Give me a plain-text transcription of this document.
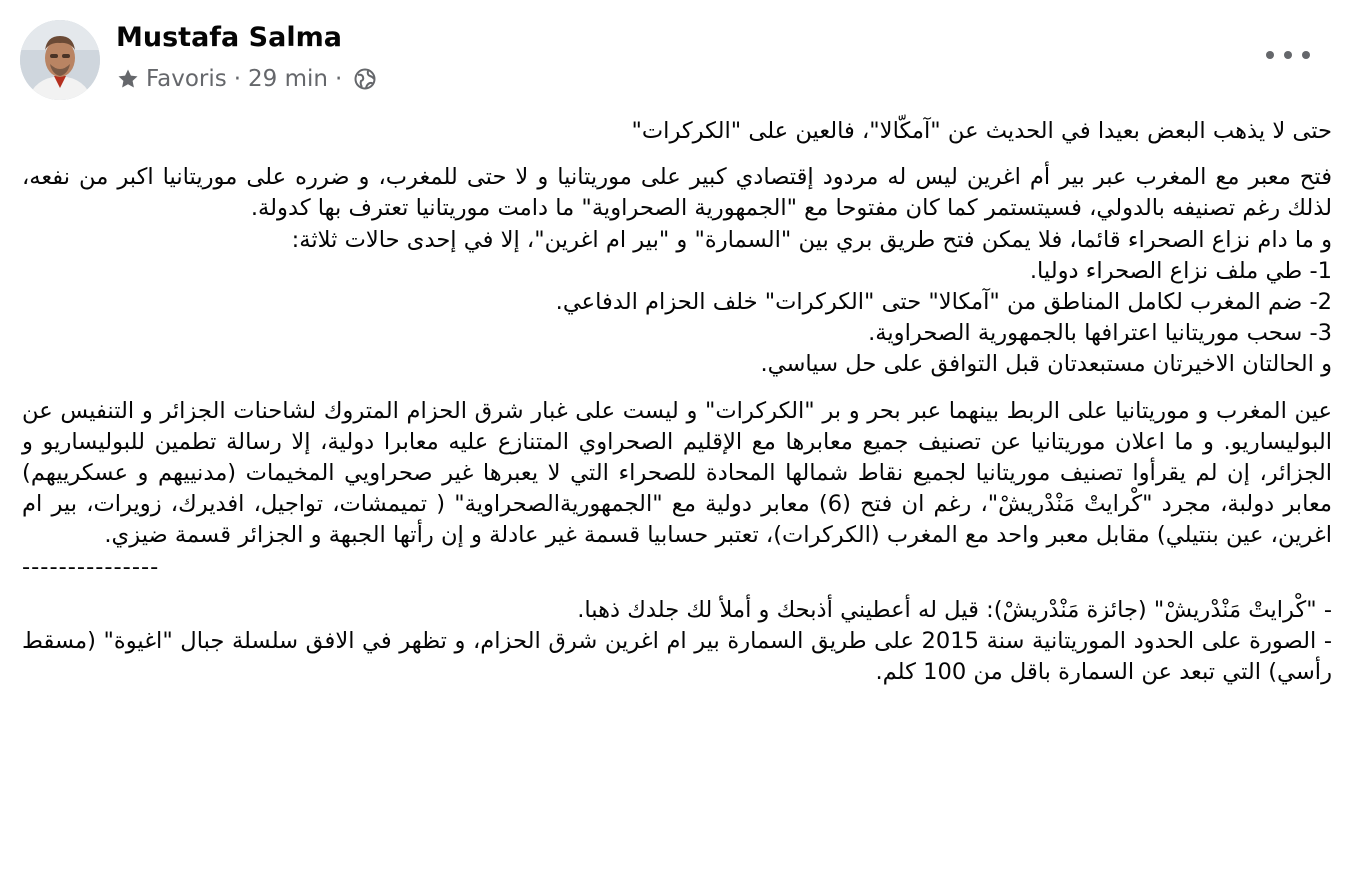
Mustafa Salma
Favoris · 29 min ·

حتى لا يذهب البعض بعيدا في الحديث عن "آمكّالا"، فالعين على "الكركرات"

فتح معبر مع المغرب عبر بير أم اغرين ليس له مردود إقتصادي كبير على موريتانيا و لا حتى للمغرب، و ضرره على موريتانيا اكبر من نفعه، لذلك رغم تصنيفه بالدولي، فسيتستمر كما كان مفتوحا مع "الجمهورية الصحراوية" ما دامت موريتانيا تعترف بها كدولة.
و ما دام نزاع الصحراء قائما، فلا يمكن فتح طريق بري بين "السمارة" و "بير ام اغرين"، إلا في إحدى حالات ثلاثة:
1- طي ملف نزاع الصحراء دوليا.
2- ضم المغرب لكامل المناطق من "آمكالا" حتى "الكركرات" خلف الحزام الدفاعي.
3- سحب موريتانيا اعترافها بالجمهورية الصحراوية.
و الحالتان الاخيرتان مستبعدتان قبل التوافق على حل سياسي.

عين المغرب و موريتانيا على الربط بينهما عبر بحر و بر "الكركرات" و ليست على غبار شرق الحزام المتروك لشاحنات الجزائر و التنفيس عن البوليساريو. و ما اعلان موريتانيا عن تصنيف جميع معابرها مع الإقليم الصحراوي المتنازع عليه معابرا دولية، إلا رسالة تطمين للبوليساريو و الجزائر، إن لم يقرأوا تصنيف موريتانيا لجميع نقاط شمالها المحادة للصحراء التي لا يعبرها غير صحراويي المخيمات (مدنييهم و عسكرييهم) معابر دولبة، مجرد "كْرايتْ مَنْدْريشْ"، رغم ان فتح (6) معابر دولية مع "الجمهوريةالصحراوية" ( تميمشات، تواجيل، افديرك، زويرات، بير ام اغرين، عين بنتيلي) مقابل معبر واحد مع المغرب (الكركرات)، تعتبر حسابيا قسمة غير عادلة و إن رأتها الجبهة و الجزائر قسمة ضيزي.

---------------

- "كْرايتْ مَنْدْريشْ" (جائزة مَنْدْريشْ): قيل له أعطيني أذبحك و أملأ لك جلدك ذهبا.
- الصورة على الحدود الموريتانية سنة 2015 على طريق السمارة بير ام اغرين شرق الحزام، و تظهر في الافق سلسلة جبال "اغيوة" (مسقط رأسي) التي تبعد عن السمارة باقل من 100 كلم.
